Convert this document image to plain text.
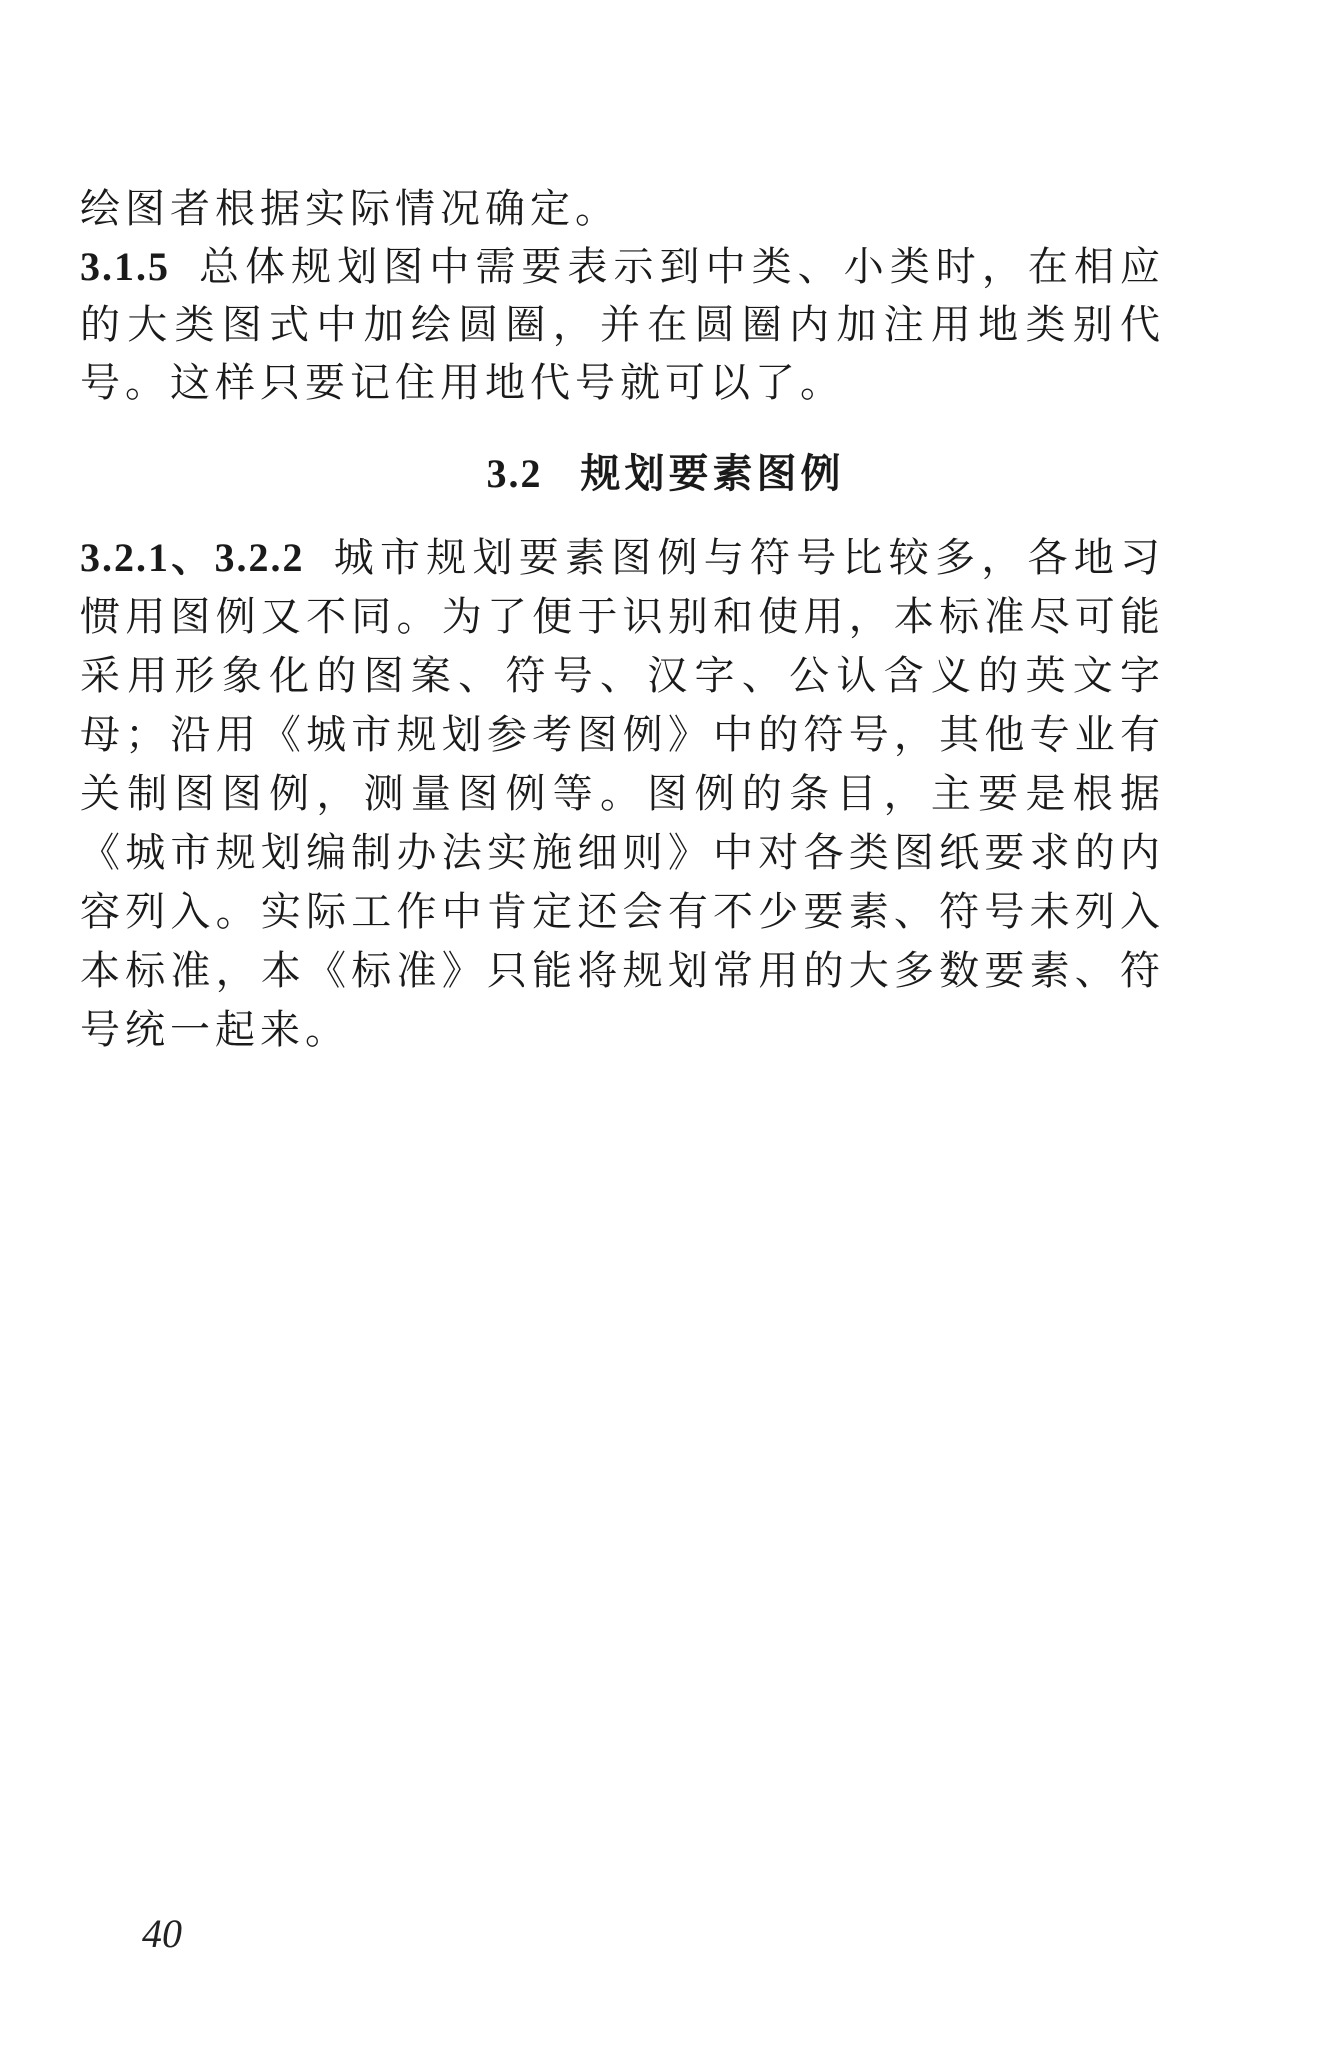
绘图者根据实际情况确定。

3.1.5 总体规划图中需要表示到中类、小类时，在相应的大类图式中加绘圆圈，并在圆圈内加注用地类别代号。这样只要记住用地代号就可以了。

3.2 规划要素图例

3.2.1、3.2.2 城市规划要素图例与符号比较多，各地习惯用图例又不同。为了便于识别和使用，本标准尽可能采用形象化的图案、符号、汉字、公认含义的英文字母；沿用《城市规划参考图例》中的符号，其他专业有关制图图例，测量图例等。图例的条目，主要是根据《城市规划编制办法实施细则》中对各类图纸要求的内容列入。实际工作中肯定还会有不少要素、符号未列入本标准，本《标准》只能将规划常用的大多数要素、符号统一起来。

40
